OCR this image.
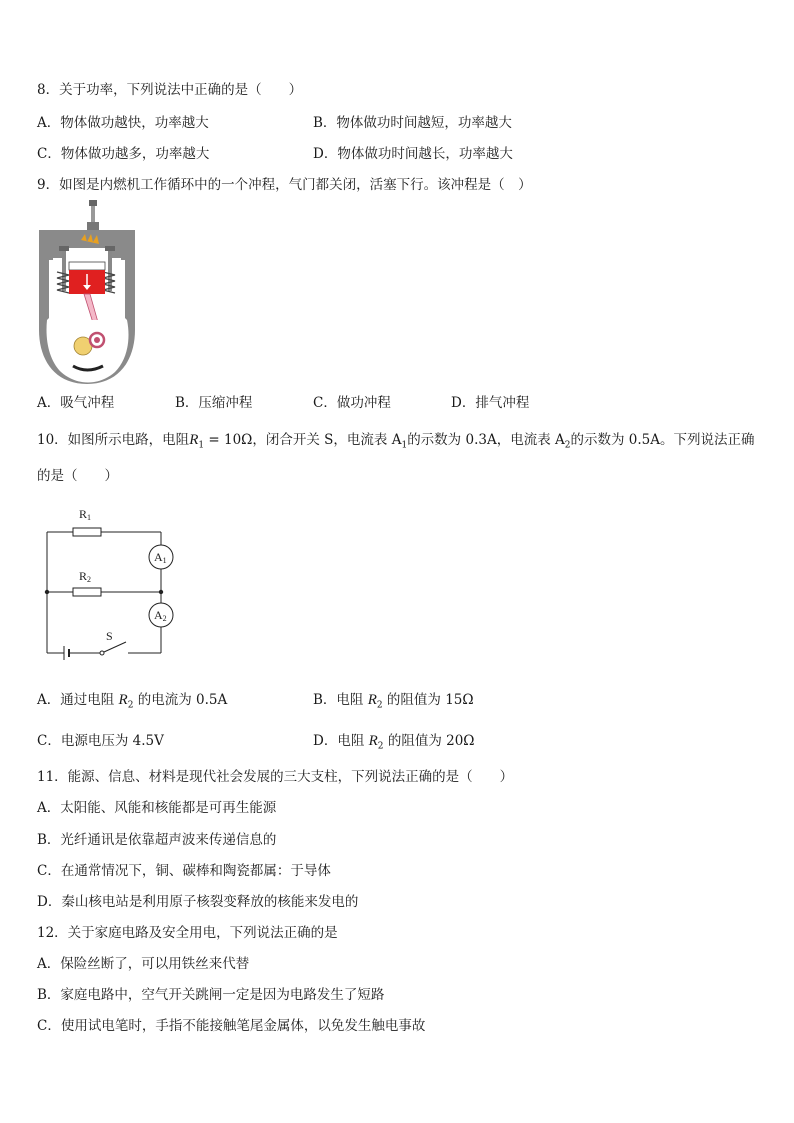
8．关于功率，下列说法中正确的是（　　）
A．物体做功越快，功率越大	B．物体做功时间越短，功率越大
C．物体做功越多，功率越大	D．物体做功时间越长，功率越大
9．如图是内燃机工作循环中的一个冲程，气门都关闭，活塞下行。该冲程是（　）
A．吸气冲程	B．压缩冲程	C．做功冲程	D．排气冲程
10．如图所示电路，电阻$R_1 = 10\Omega$，闭合开关 S，电流表 $A_1$的示数为 0.3A，电流表 $A_2$的示数为 0.5A。下列说法正确
的是（　　）
R1
R2
A1
A2
S
A．通过电阻 $R_2$ 的电流为 0.5A	B．电阻 $R_2$ 的阻值为 15Ω
C．电源电压为 4.5V	D．电阻 $R_2$ 的阻值为 20Ω
11．能源、信息、材料是现代社会发展的三大支柱，下列说法正确的是（　　）
A．太阳能、风能和核能都是可再生能源
B．光纤通讯是依靠超声波来传递信息的
C．在通常情况下，铜、碳棒和陶瓷都属：于导体
D．秦山核电站是利用原子核裂变释放的核能来发电的
12．关于家庭电路及安全用电，下列说法正确的是
A．保险丝断了，可以用铁丝来代替
B．家庭电路中，空气开关跳闸一定是因为电路发生了短路
C．使用试电笔时，手指不能接触笔尾金属体，以免发生触电事故
